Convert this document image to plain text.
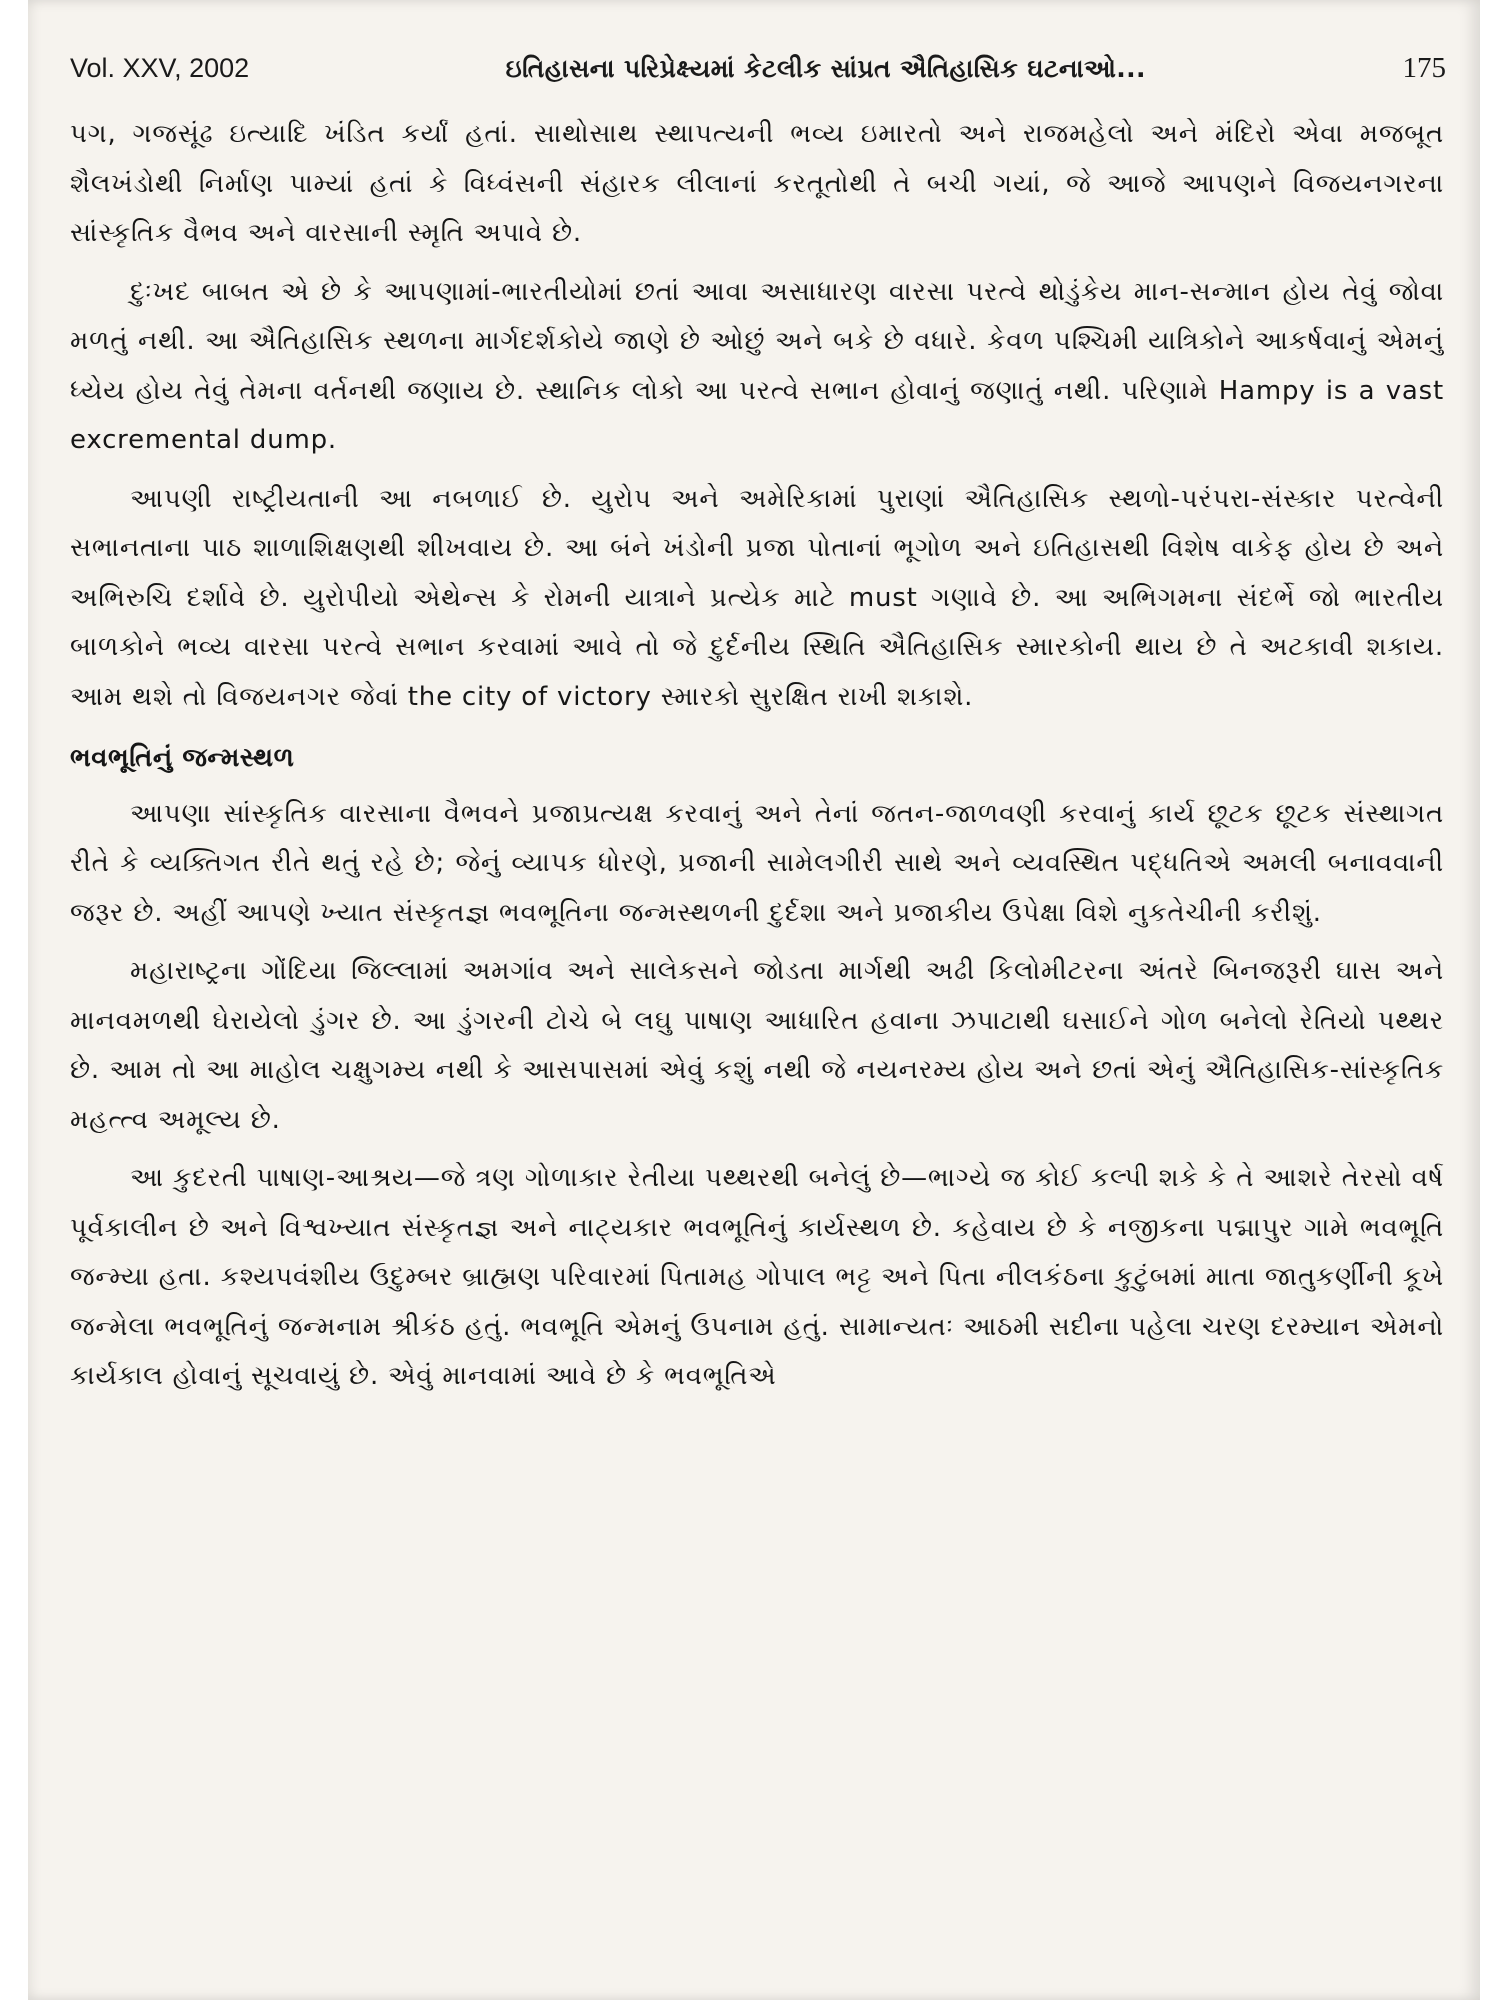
Vol. XXV, 2002	ઇતિહાસના પરિપ્રેક્ષ્યમાં કેટલીક સાંપ્રત ઐતિહાસિક ઘટનાઓ...	175

પગ, ગજસૂંઢ ઇત્યાદિ ખંડિત કર્યાં હતાં. સાથોસાથ સ્થાપત્યની ભવ્ય ઇમારતો અને રાજમહેલો અને મંદિરો એવા મજબૂત શૈલખંડોથી નિર્માણ પામ્યાં હતાં કે વિધ્વંસની સંહારક લીલાનાં કરતૂતોથી તે બચી ગયાં, જે આજે આપણને વિજયનગરના સાંસ્કૃતિક વૈભવ અને વારસાની સ્મૃતિ અપાવે છે.

દુઃખદ બાબત એ છે કે આપણામાં-ભારતીયોમાં છતાં આવા અસાધારણ વારસા પરત્વે થોડુંકેય માન-સન્માન હોય તેવું જોવા મળતું નથી. આ ઐતિહાસિક સ્થળના માર્ગદર્શકોયે જાણે છે ઓછું અને બકે છે વધારે. કેવળ પશ્ચિમી યાત્રિકોને આકર્ષવાનું એમનું ધ્યેય હોય તેવું તેમના વર્તનથી જણાય છે. સ્થાનિક લોકો આ પરત્વે સભાન હોવાનું જણાતું નથી. પરિણામે Hampy is a vast excremental dump.

આપણી રાષ્ટ્રીયતાની આ નબળાઈ છે. યુરોપ અને અમેરિકામાં પુરાણાં ઐતિહાસિક સ્થળો-પરંપરા-સંસ્કાર પરત્વેની સભાનતાના પાઠ શાળાશિક્ષણથી શીખવાય છે. આ બંને ખંડોની પ્રજા પોતાનાં ભૂગોળ અને ઇતિહાસથી વિશેષ વાકેફ હોય છે અને અભિરુચિ દર્શાવે છે. યુરોપીયો એથેન્સ કે રોમની યાત્રાને પ્રત્યેક માટે must ગણાવે છે. આ અભિગમના સંદર્ભે જો ભારતીય બાળકોને ભવ્ય વારસા પરત્વે સભાન કરવામાં આવે તો જે દુર્દનીય સ્થિતિ ઐતિહાસિક સ્મારકોની થાય છે તે અટકાવી શકાય. આમ થશે તો વિજયનગર જેવાં the city of victory સ્મારકો સુરક્ષિત રાખી શકાશે.

ભવભૂતિનું જન્મસ્થળ

આપણા સાંસ્કૃતિક વારસાના વૈભવને પ્રજાપ્રત્યક્ષ કરવાનું અને તેનાં જતન-જાળવણી કરવાનું કાર્ય છૂટક છૂટક સંસ્થાગત રીતે કે વ્યક્તિગત રીતે થતું રહે છે; જેનું વ્યાપક ધોરણે, પ્રજાની સામેલગીરી સાથે અને વ્યવસ્થિત પદ્ધતિએ અમલી બનાવવાની જરૂર છે. અહીં આપણે ખ્યાત સંસ્કૃતજ્ઞ ભવભૂતિના જન્મસ્થળની દુર્દશા અને પ્રજાકીય ઉપેક્ષા વિશે નુકતેચીની કરીશું.

મહારાષ્ટ્રના ગોંદિયા જિલ્લામાં અમગાંવ અને સાલેકસને જોડતા માર્ગથી અઢી કિલોમીટરના અંતરે બિનજરૂરી ઘાસ અને માનવમળથી ઘેરાયેલો ડુંગર છે. આ ડુંગરની ટોચે બે લઘુ પાષાણ આધારિત હવાના ઝપાટાથી ઘસાઈને ગોળ બનેલો રેતિયો પથ્થર છે. આમ તો આ માહોલ ચક્ષુગમ્ય નથી કે આસપાસમાં એવું કશું નથી જે નયનરમ્ય હોય અને છતાં એનું ઐતિહાસિક-સાંસ્કૃતિક મહત્ત્વ અમૂલ્ય છે.

આ કુદરતી પાષાણ-આશ્રય—જે ત્રણ ગોળાકાર રેતીયા પથ્થરથી બનેલું છે—ભાગ્યે જ કોઈ કલ્પી શકે કે તે આશરે તેરસો વર્ષ પૂર્વકાલીન છે અને વિશ્વખ્યાત સંસ્કૃતજ્ઞ અને નાટ્યકાર ભવભૂતિનું કાર્યસ્થળ છે. કહેવાય છે કે નજીકના પદ્માપુર ગામે ભવભૂતિ જન્મ્યા હતા. કશ્યપવંશીય ઉદુમ્બર બ્રાહ્મણ પરિવારમાં પિતામહ ગોપાલ ભટ્ટ અને પિતા નીલકંઠના કુટુંબમાં માતા જાતુકર્ણીની કૂખે જન્મેલા ભવભૂતિનું જન્મનામ શ્રીકંઠ હતું. ભવભૂતિ એમનું ઉપનામ હતું. સામાન્યતઃ આઠમી સદીના પહેલા ચરણ દરમ્યાન એમનો કાર્યકાલ હોવાનું સૂચવાયું છે. એવું માનવામાં આવે છે કે ભવભૂતિએ
